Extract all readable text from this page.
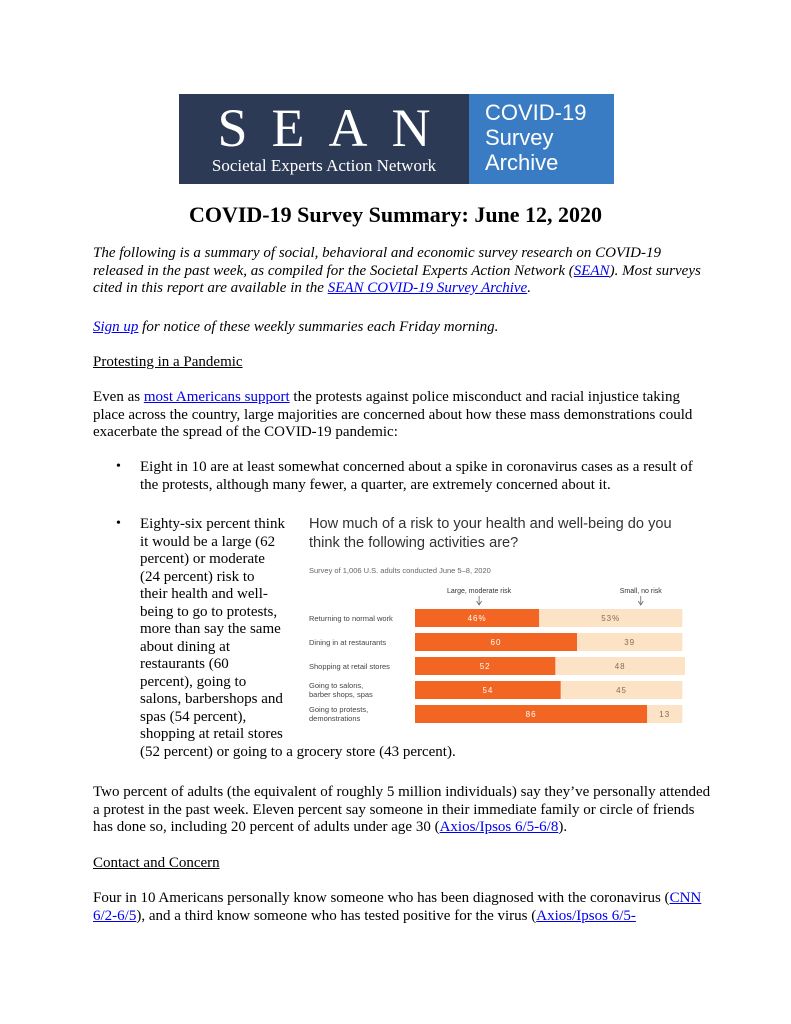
SEAN
Societal Experts Action Network
COVID-19
Survey
Archive
COVID-19 Survey Summary: June 12, 2020
The following is a summary of social, behavioral and economic survey research on COVID-19 released in the past week, as compiled for the Societal Experts Action Network (SEAN). Most surveys cited in this report are available in the SEAN COVID-19 Survey Archive.
Sign up for notice of these weekly summaries each Friday morning.
Protesting in a Pandemic
Even as most Americans support the protests against police misconduct and racial injustice taking place across the country, large majorities are concerned about how these mass demonstrations could exacerbate the spread of the COVID-19 pandemic:
• Eight in 10 are at least somewhat concerned about a spike in coronavirus cases as a result of the protests, although many fewer, a quarter, are extremely concerned about it.
• Eighty-six percent think
it would be a large (62
percent) or moderate
(24 percent) risk to
their health and well-
being to go to protests,
more than say the same
about dining at
restaurants (60
percent), going to
salons, barbershops and
spas (54 percent),
shopping at retail stores
(52 percent) or going to a grocery store (43 percent).
How much of a risk to your health and well-being do you think the following activities are?
Survey of 1,006 U.S. adults conducted June 5–8, 2020
Large, moderate risk	Small, no risk
Returning to normal work	46%	53%
Dining in at restaurants	60	39
Shopping at retail stores	52	48
Going to salons,
barber shops, spas	54	45
Going to protests,
demonstrations	86	13
Two percent of adults (the equivalent of roughly 5 million individuals) say they’ve personally attended a protest in the past week. Eleven percent say someone in their immediate family or circle of friends has done so, including 20 percent of adults under age 30 (Axios/Ipsos 6/5-6/8).
Contact and Concern
Four in 10 Americans personally know someone who has been diagnosed with the coronavirus (CNN 6/2-6/5), and a third know someone who has tested positive for the virus (Axios/Ipsos 6/5-
